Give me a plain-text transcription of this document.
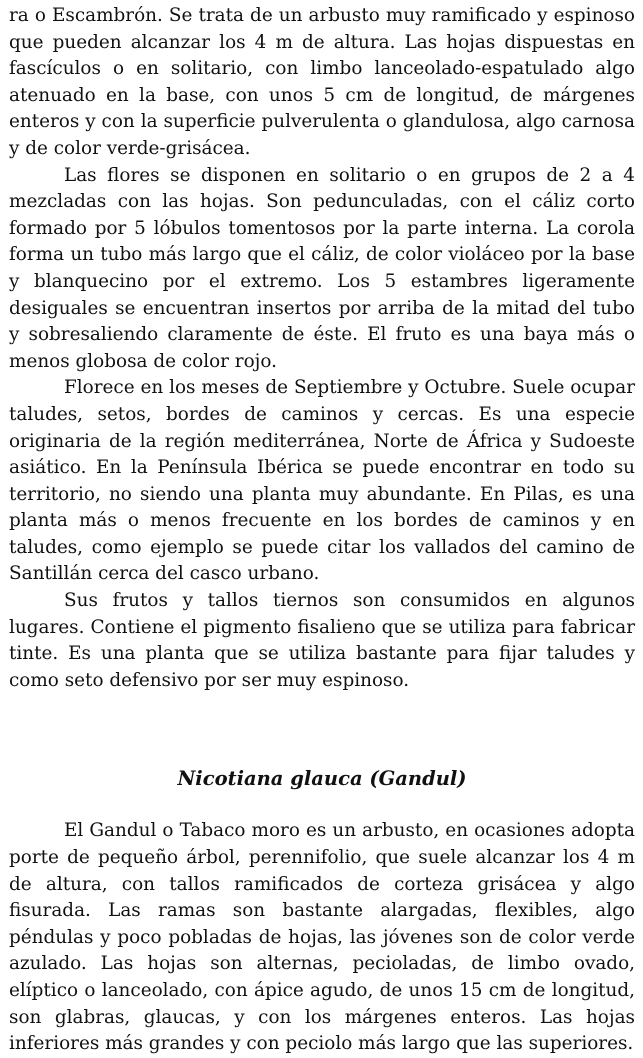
ra o Escambrón. Se trata de un arbusto muy ramificado y espinoso que pueden alcanzar los 4 m de altura. Las hojas dispuestas en fascículos o en solitario, con limbo lanceolado-espatulado algo atenuado en la base, con unos 5 cm de longitud, de márgenes enteros y con la superficie pulverulenta o glandulosa, algo carnosa y de color verde-grisácea.

Las flores se disponen en solitario o en grupos de 2 a 4 mezcladas con las hojas. Son pedunculadas, con el cáliz corto formado por 5 lóbulos tomentosos por la parte interna. La corola forma un tubo más largo que el cáliz, de color violáceo por la base y blanquecino por el extremo. Los 5 estambres ligeramente desiguales se encuentran insertos por arriba de la mitad del tubo y sobresaliendo claramente de éste. El fruto es una baya más o menos globosa de color rojo.

Florece en los meses de Septiembre y Octubre. Suele ocupar taludes, setos, bordes de caminos y cercas. Es una especie originaria de la región mediterránea, Norte de África y Sudoeste asiático. En la Península Ibérica se puede encontrar en todo su territorio, no siendo una planta muy abundante. En Pilas, es una planta más o menos frecuente en los bordes de caminos y en taludes, como ejemplo se puede citar los vallados del camino de Santillán cerca del casco urbano.

Sus frutos y tallos tiernos son consumidos en algunos lugares. Contiene el pigmento fisalieno que se utiliza para fabricar tinte. Es una planta que se utiliza bastante para fijar taludes y como seto defensivo por ser muy espinoso.

Nicotiana glauca (Gandul)

El Gandul o Tabaco moro es un arbusto, en ocasiones adopta porte de pequeño árbol, perennifolio, que suele alcanzar los 4 m de altura, con tallos ramificados de corteza grisácea y algo fisurada. Las ramas son bastante alargadas, flexibles, algo péndulas y poco pobladas de hojas, las jóvenes son de color verde azulado. Las hojas son alternas, pecioladas, de limbo ovado, elíptico o lanceolado, con ápice agudo, de unos 15 cm de longitud, son glabras, glaucas, y con los márgenes enteros. Las hojas inferiores más grandes y con peciolo más largo que las superiores.
